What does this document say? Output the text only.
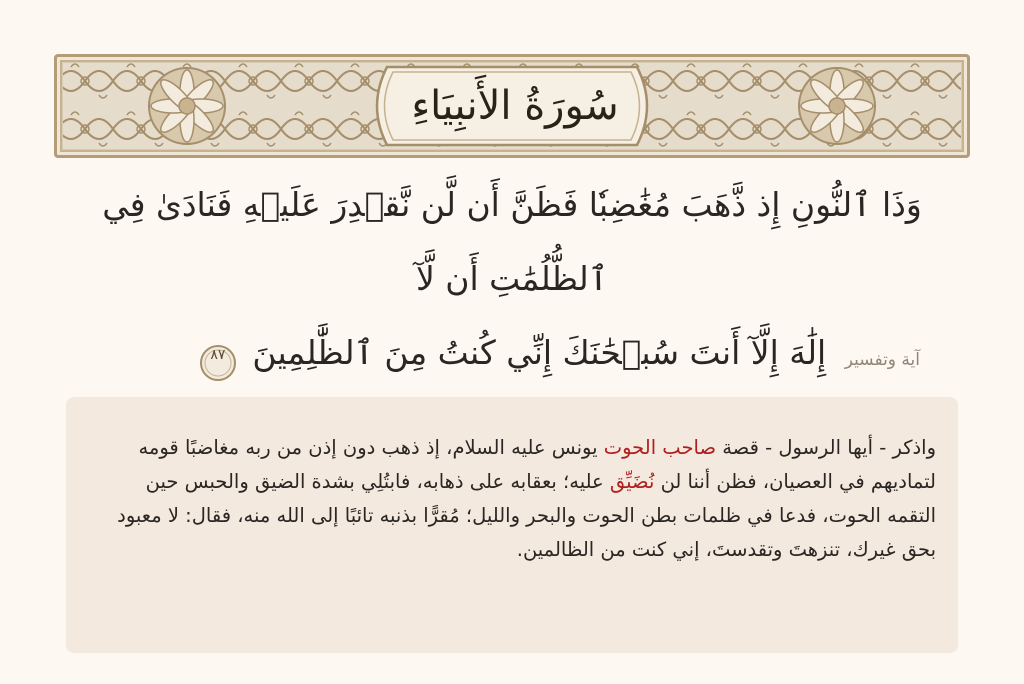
سُورَةُ الأَنبِيَاءِ
وَذَا ٱلنُّونِ إِذ ذَّهَبَ مُغَٰضِبٗا فَظَنَّ أَن لَّن نَّقۡدِرَ عَلَيۡهِ فَنَادَىٰ فِي ٱلظُّلُمَٰتِ أَن لَّآ
إِلَٰهَ إِلَّآ أَنتَ سُبۡحَٰنَكَ إِنِّي كُنتُ مِنَ ٱلظَّٰلِمِينَ
٨٧	آية وتفسير
واذكر - أيها الرسول - قصة صاحب الحوت يونس عليه السلام، إذ ذهب دون إذن من ربه مغاضبًا قومه لتماديهم في العصيان، فظن أننا لن نُضَيِّق عليه؛ بعقابه على ذهابه، فابتُلِي بشدة الضيق والحبس حين التقمه الحوت، فدعا في ظلمات بطن الحوت والبحر والليل؛ مُقرًّا بذنبه تائبًا إلى الله منه، فقال: لا معبود بحق غيرك، تنزهتَ وتقدستَ، إني كنت من الظالمين.
